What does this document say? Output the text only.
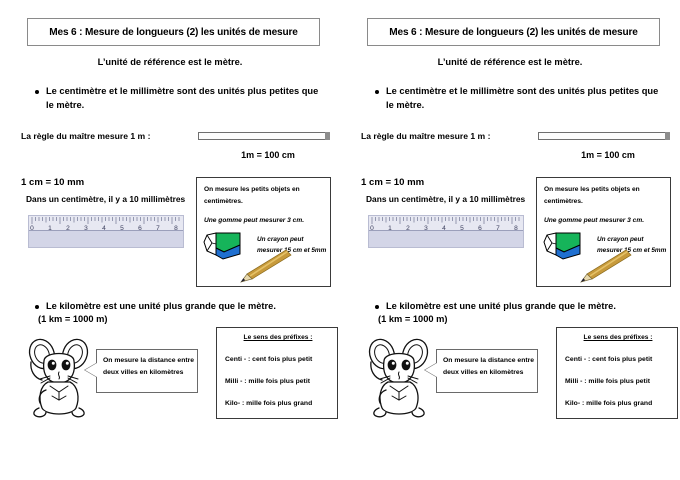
Mes 6 : Mesure de longueurs (2) les unités de mesure
L’unité de référence est le mètre.
Le centimètre et le millimètre sont des unités plus petites que le mètre.
La règle du maître mesure 1 m :
1m = 100 cm
1 cm = 10 mm
Dans un centimètre, il y a 10 millimètres
0 1 2 3 4 5 6 7 8
On mesure les petits objets en centimètres.
Une gomme peut mesurer 3 cm.
Un crayon peut mesurer 15 cm et 5mm
Le kilomètre est une unité plus grande que le mètre.
(1 km = 1000 m)
On mesure la distance entre deux villes en kilomètres
Le sens des préfixes :
Centi - : cent fois plus petit
Milli - : mille fois plus petit
Kilo- : mille fois plus grand
Mes 6 : Mesure de longueurs (2) les unités de mesure
L’unité de référence est le mètre.
Le centimètre et le millimètre sont des unités plus petites que le mètre.
La règle du maître mesure 1 m :
1m = 100 cm
1 cm = 10 mm
Dans un centimètre, il y a 10 millimètres
0 1 2 3 4 5 6 7 8
On mesure les petits objets en centimètres.
Une gomme peut mesurer 3 cm.
Un crayon peut mesurer 15 cm et 5mm
Le kilomètre est une unité plus grande que le mètre.
(1 km = 1000 m)
On mesure la distance entre deux villes en kilomètres
Le sens des préfixes :
Centi - : cent fois plus petit
Milli - : mille fois plus petit
Kilo- : mille fois plus grand
